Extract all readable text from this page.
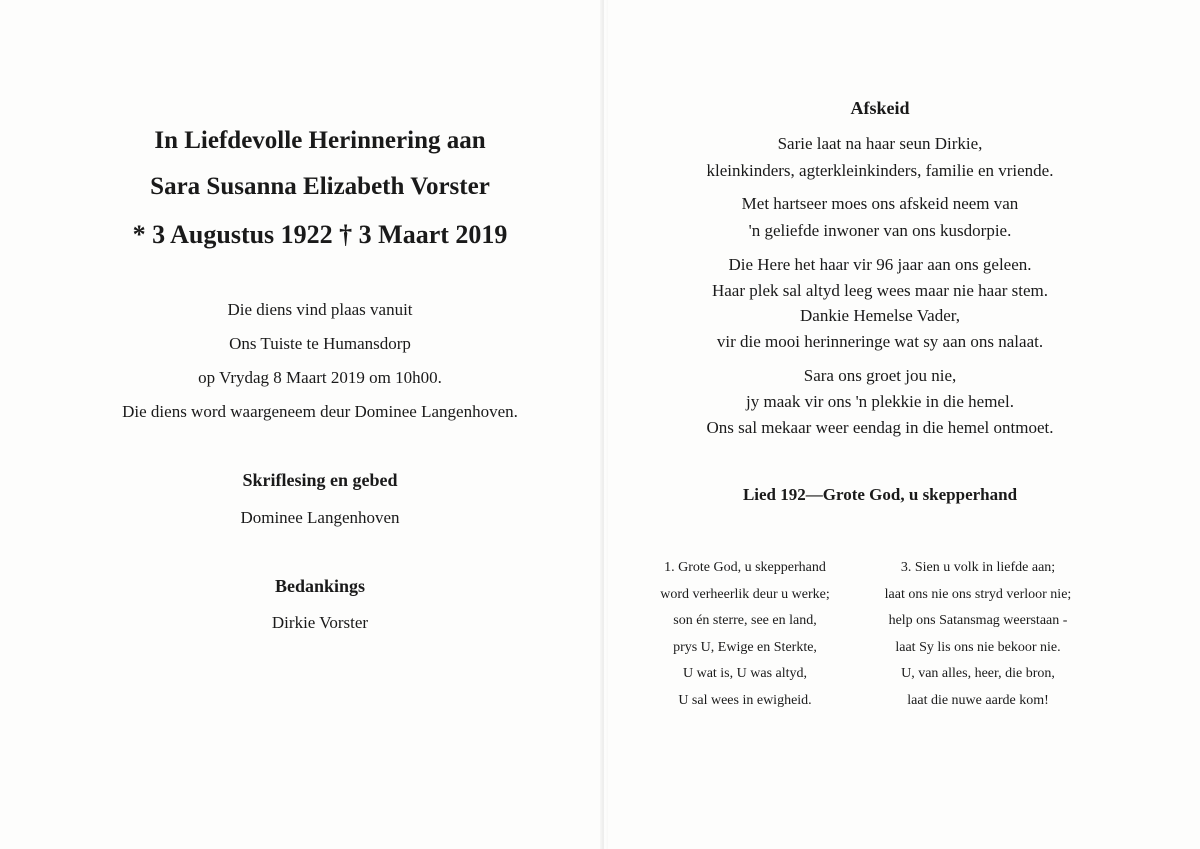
In Liefdevolle Herinnering aan

Sara Susanna Elizabeth Vorster

* 3 Augustus 1922 † 3 Maart 2019

Die diens vind plaas vanuit

Ons Tuiste te Humansdorp

op Vrydag 8 Maart 2019 om 10h00.

Die diens word waargeneem deur Dominee Langenhoven.

Skriflesing en gebed

Dominee Langenhoven

Bedankings

Dirkie Vorster

Afskeid

Sarie laat na haar seun Dirkie,

kleinkinders, agterkleinkinders, familie en vriende.

Met hartseer moes ons afskeid neem van

'n geliefde inwoner van ons kusdorpie.

Die Here het haar vir 96 jaar aan ons geleen.

Haar plek sal altyd leeg wees maar nie haar stem.

Dankie Hemelse Vader,

vir die mooi herinneringe wat sy aan ons nalaat.

Sara ons groet jou nie,

jy maak vir ons 'n plekkie in die hemel.

Ons sal mekaar weer eendag in die hemel ontmoet.

Lied 192—Grote God, u skepperhand

1. Grote God, u skepperhand
word verheerlik deur u werke;
son én sterre, see en land,
prys U, Ewige en Sterkte,
U wat is, U was altyd,
U sal wees in ewigheid.
3. Sien u volk in liefde aan;
laat ons nie ons stryd verloor nie;
help ons Satansmag weerstaan -
laat Sy lis ons nie bekoor nie.
U, van alles, heer, die bron,
laat die nuwe aarde kom!
